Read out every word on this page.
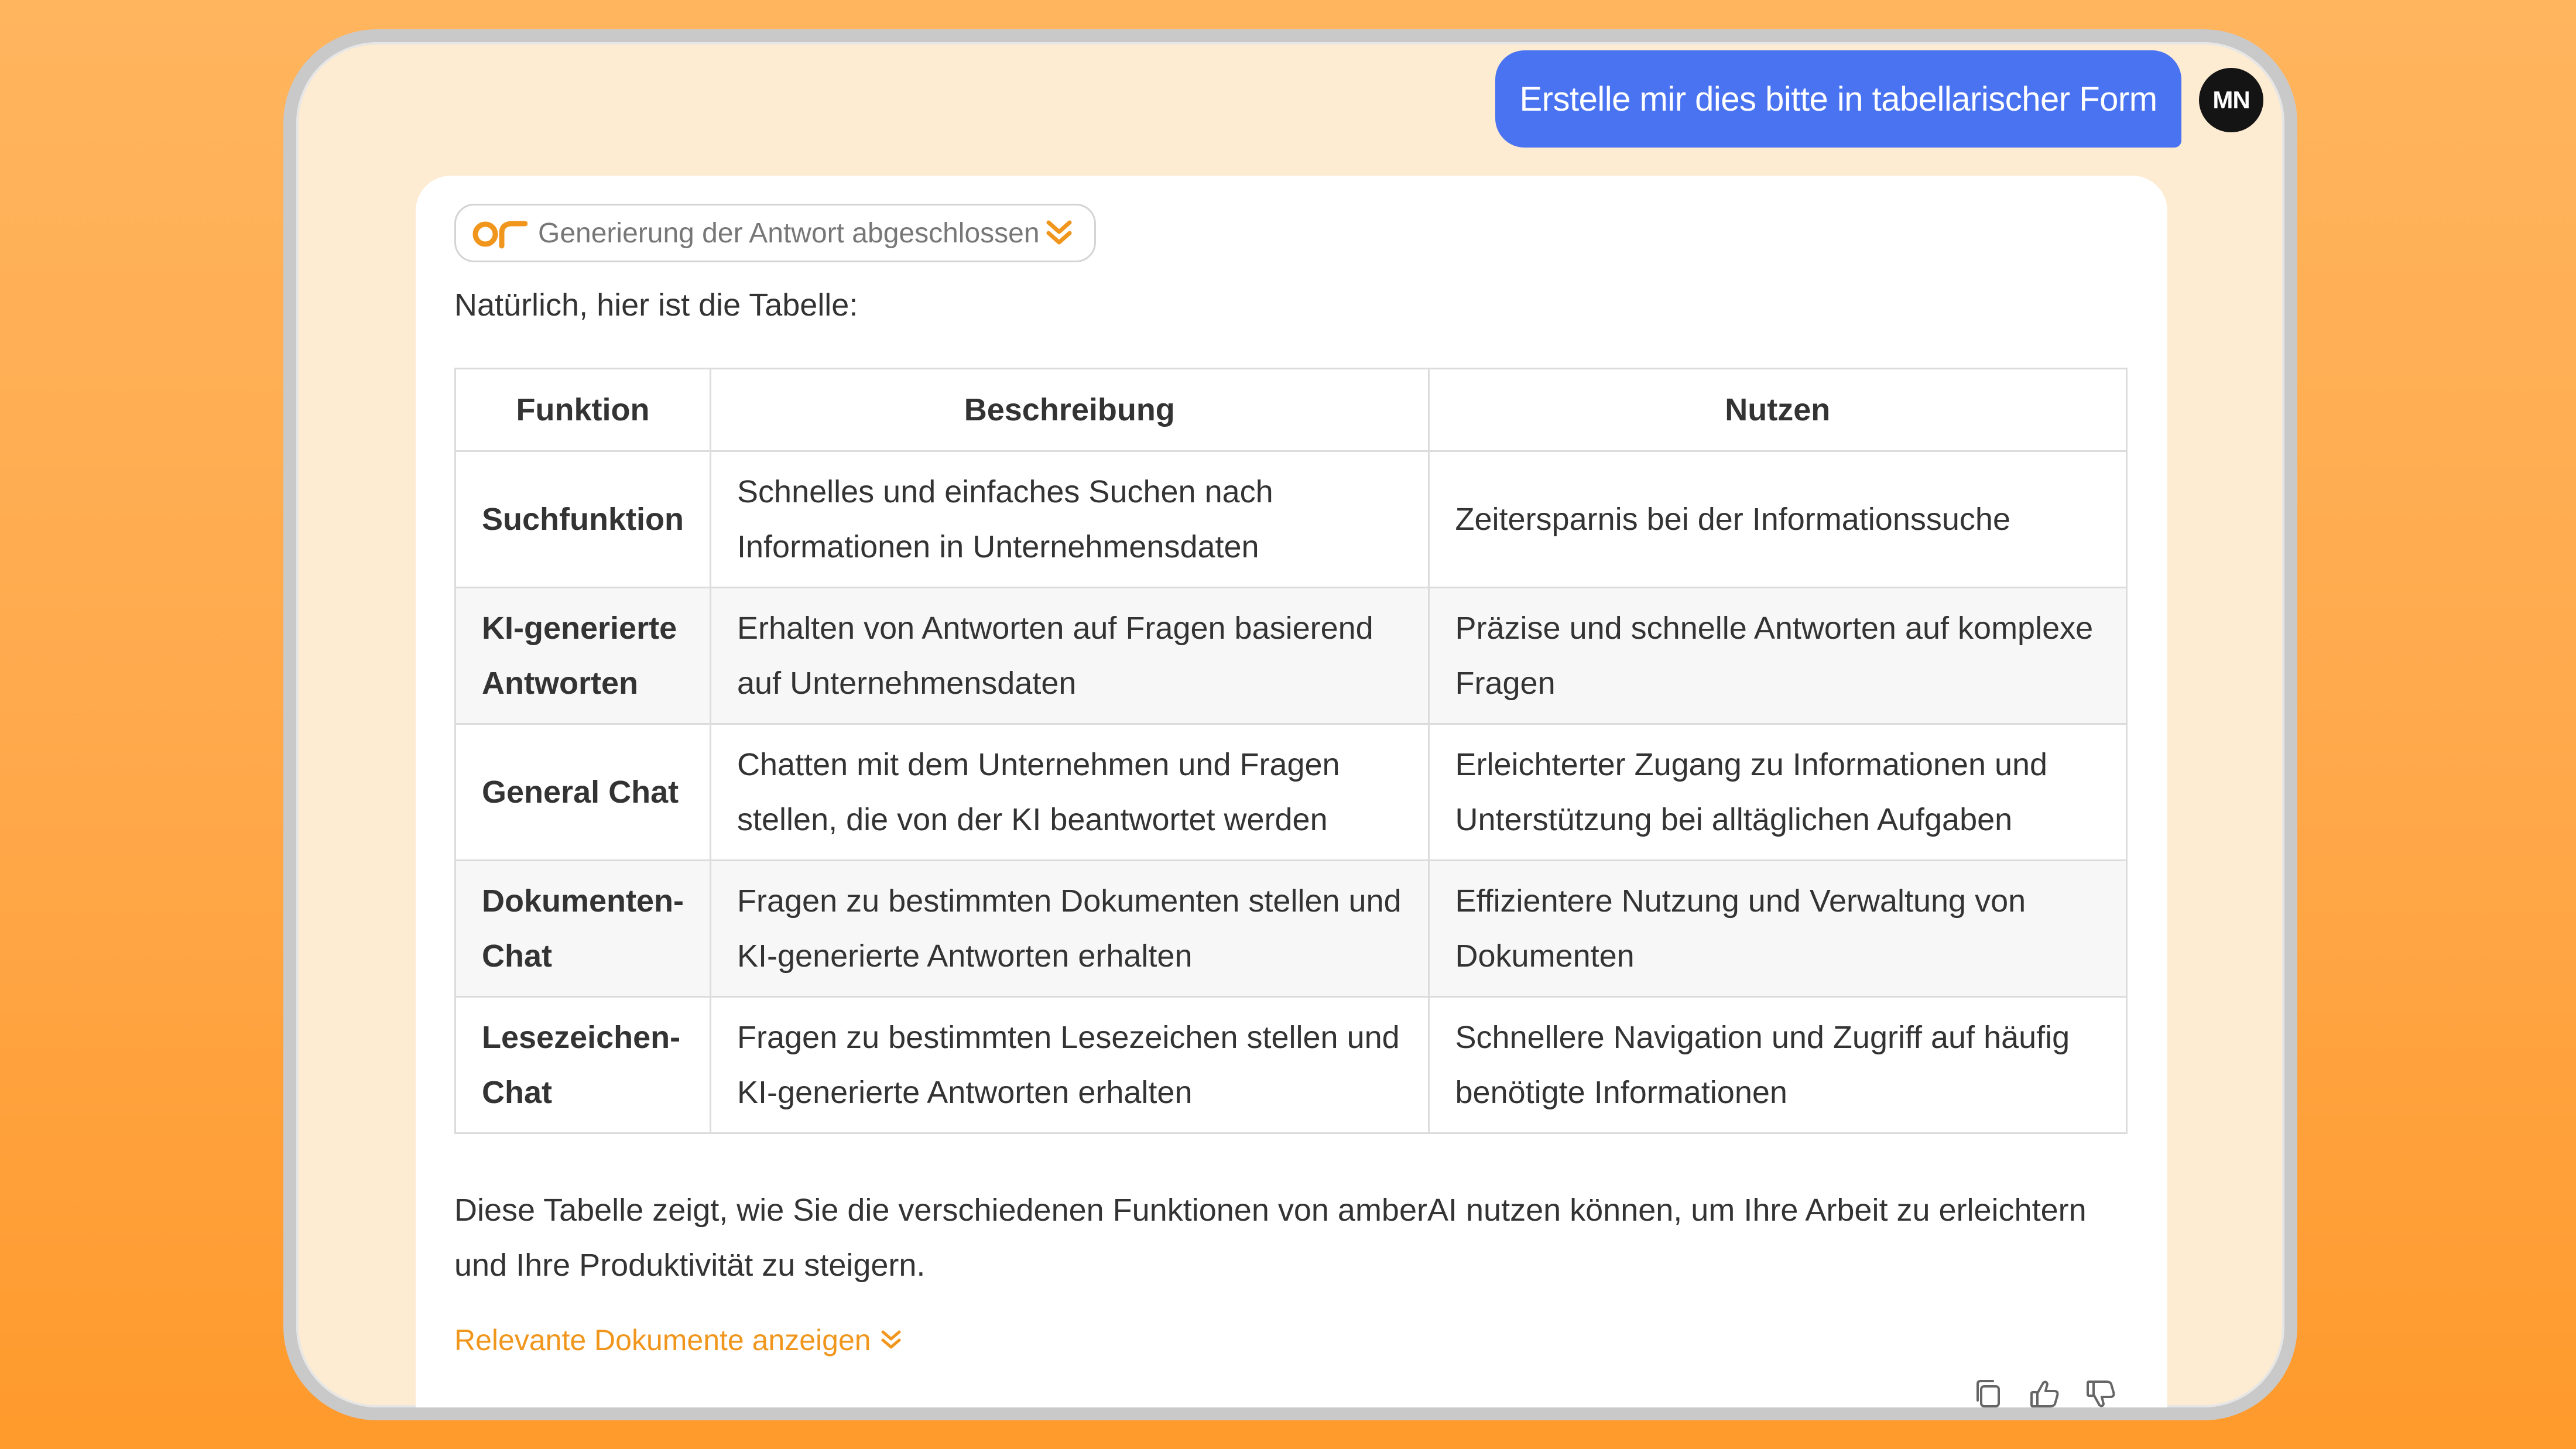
Erstelle mir dies bitte in tabellarischer Form MN
Generierung der Antwort abgeschlossen
Natürlich, hier ist die Tabelle:
Funktion	Beschreibung	Nutzen
Suchfunktion	Schnelles und einfaches Suchen nach Informationen in Unternehmensdaten	Zeitersparnis bei der Informationssuche
KI-generierte Antworten	Erhalten von Antworten auf Fragen basierend auf Unternehmensdaten	Präzise und schnelle Antworten auf komplexe Fragen
General Chat	Chatten mit dem Unternehmen und Fragen stellen, die von der KI beantwortet werden	Erleichterter Zugang zu Informationen und Unterstützung bei alltäglichen Aufgaben
Dokumenten-Chat	Fragen zu bestimmten Dokumenten stellen und KI-generierte Antworten erhalten	Effizientere Nutzung und Verwaltung von Dokumenten
Lesezeichen-Chat	Fragen zu bestimmten Lesezeichen stellen und KI-generierte Antworten erhalten	Schnellere Navigation und Zugriff auf häufig benötigte Informationen
Diese Tabelle zeigt, wie Sie die verschiedenen Funktionen von amberAI nutzen können, um Ihre Arbeit zu erleichtern und Ihre Produktivität zu steigern.
Relevante Dokumente anzeigen
